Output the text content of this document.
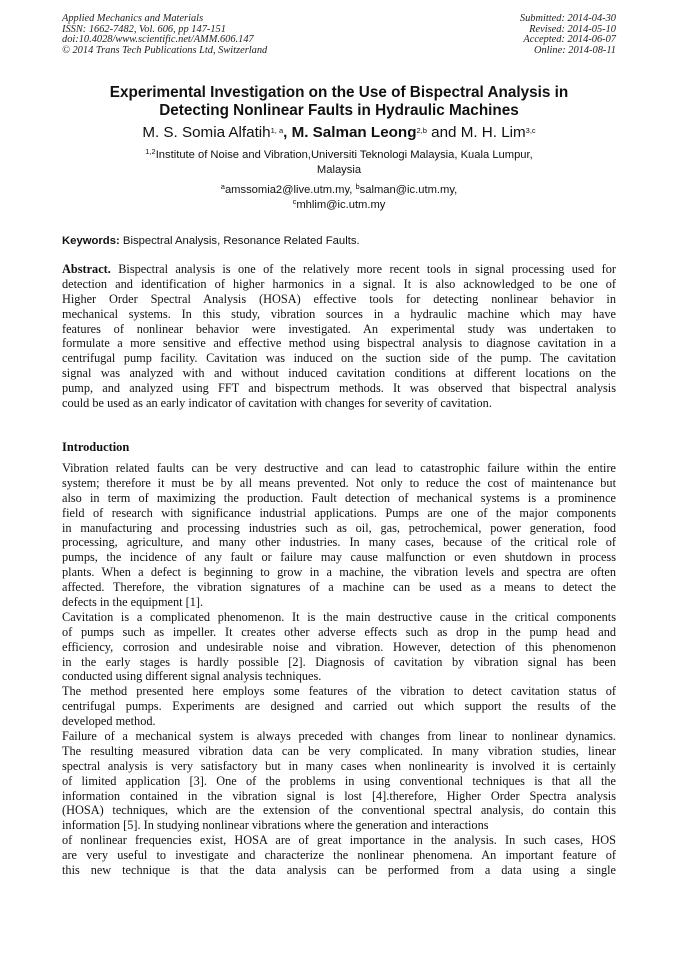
Applied Mechanics and Materials
ISSN: 1662-7482, Vol. 606, pp 147-151
doi:10.4028/www.scientific.net/AMM.606.147
© 2014 Trans Tech Publications Ltd, Switzerland
Submitted: 2014-04-30
Revised: 2014-05-10
Accepted: 2014-06-07
Online: 2014-08-11
Experimental Investigation on the Use of Bispectral Analysis in
Detecting Nonlinear Faults in Hydraulic Machines
M. S. Somia Alfatih$^{1, a}$, M. Salman Leong$^{2,b}$ and M. H. Lim$^{3,c}$
$^{1,2}$Institute of Noise and Vibration,Universiti Teknologi Malaysia, Kuala Lumpur,
Malaysia
$^a$amssomia2@live.utm.my, $^b$salman@ic.utm.my,
$^c$mhlim@ic.utm.my
Keywords: Bispectral Analysis, Resonance Related Faults.
Abstract. Bispectral analysis is one of the relatively more recent tools in signal processing used for
detection and identification of higher harmonics in a signal. It is also acknowledged to be one of
Higher Order Spectral Analysis (HOSA) effective tools for detecting nonlinear behavior in
mechanical systems. In this study, vibration sources in a hydraulic machine which may have
features of nonlinear behavior were investigated. An experimental study was undertaken to
formulate a more sensitive and effective method using bispectral analysis to diagnose cavitation in a
centrifugal pump facility. Cavitation was induced on the suction side of the pump. The cavitation
signal was analyzed with and without induced cavitation conditions at different locations on the
pump, and analyzed using FFT and bispectrum methods. It was observed that bispectral analysis
could be used as an early indicator of cavitation with changes for severity of cavitation.
Introduction
Vibration related faults can be very destructive and can lead to catastrophic failure within the entire
system; therefore it must be by all means prevented. Not only to reduce the cost of maintenance but
also in term of maximizing the production. Fault detection of mechanical systems is a prominence
field of research with significance industrial applications. Pumps are one of the major components
in manufacturing and processing industries such as oil, gas, petrochemical, power generation, food
processing, agriculture, and many other industries. In many cases, because of the critical role of
pumps, the incidence of any fault or failure may cause malfunction or even shutdown in process
plants. When a defect is beginning to grow in a machine, the vibration levels and spectra are often
affected. Therefore, the vibration signatures of a machine can be used as a means to detect the
defects in the equipment [1].
Cavitation is a complicated phenomenon. It is the main destructive cause in the critical components
of pumps such as impeller. It creates other adverse effects such as drop in the pump head and
efficiency, corrosion and undesirable noise and vibration. However, detection of this phenomenon
in the early stages is hardly possible [2]. Diagnosis of cavitation by vibration signal has been
conducted using different signal analysis techniques.
The method presented here employs some features of the vibration to detect cavitation status of
centrifugal pumps. Experiments are designed and carried out which support the results of the
developed method.
Failure of a mechanical system is always preceded with changes from linear to nonlinear dynamics.
The resulting measured vibration data can be very complicated. In many vibration studies, linear
spectral analysis is very satisfactory but in many cases when nonlinearity is involved it is certainly
of limited application [3]. One of the problems in using conventional techniques is that all the
information contained in the vibration signal is lost [4].therefore, Higher Order Spectra analysis
(HOSA) techniques, which are the extension of the conventional spectral analysis, do contain this
information [5]. In studying nonlinear vibrations where the generation and interactions
of nonlinear frequencies exist, HOSA are of great importance in the analysis. In such cases, HOS
are very useful to investigate and characterize the nonlinear phenomena. An important feature of
this new technique is that the data analysis can be performed from a data using a single
